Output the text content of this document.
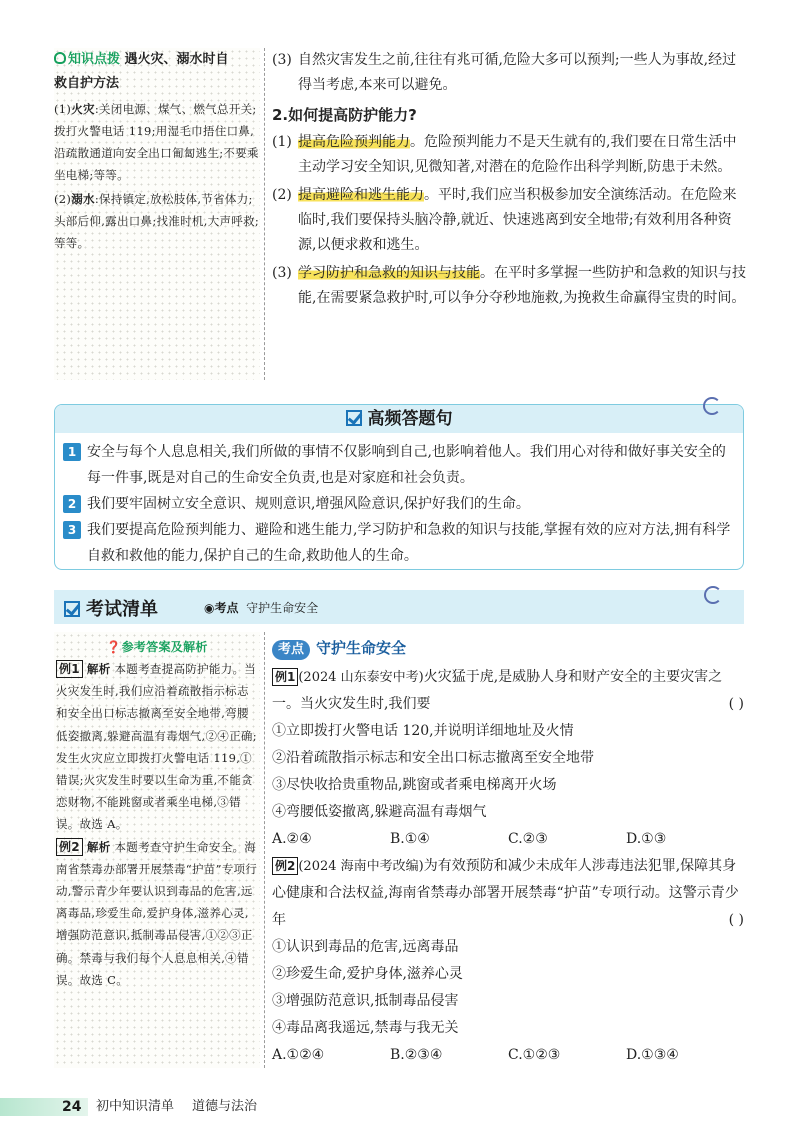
知识点拨 遇火灾、溺水时自
救自护方法
(1)火灾:关闭电源、煤气、燃气总开关;拨打火警电话 119;用湿毛巾捂住口鼻,沿疏散通道向安全出口匍匐逃生;不要乘坐电梯;等等。
(2)溺水:保持镇定,放松肢体,节省体力;头部后仰,露出口鼻;找准时机,大声呼救;等等。
(3) 自然灾害发生之前,往往有兆可循,危险大多可以预判;一些人为事故,经过得当考虑,本来可以避免。
2.如何提高防护能力?
(1) 提高危险预判能力。危险预判能力不是天生就有的,我们要在日常生活中主动学习安全知识,见微知著,对潜在的危险作出科学判断,防患于未然。
(2) 提高避险和逃生能力。平时,我们应当积极参加安全演练活动。在危险来临时,我们要保持头脑冷静,就近、快速逃离到安全地带;有效利用各种资源,以便求救和逃生。
(3) 学习防护和急救的知识与技能。在平时多掌握一些防护和急救的知识与技能,在需要紧急救护时,可以争分夺秒地施救,为挽救生命赢得宝贵的时间。
高频答题句
1 安全与每个人息息相关,我们所做的事情不仅影响到自己,也影响着他人。我们用心对待和做好事关安全的每一件事,既是对自己的生命安全负责,也是对家庭和社会负责。
2 我们要牢固树立安全意识、规则意识,增强风险意识,保护好我们的生命。
3 我们要提高危险预判能力、避险和逃生能力,学习防护和急救的知识与技能,掌握有效的应对方法,拥有科学自救和救他的能力,保护自己的生命,救助他人的生命。
考试清单	◉考点 守护生命安全
❓参考答案及解析
例1 解析 本题考查提高防护能力。当火灾发生时,我们应沿着疏散指示标志和安全出口标志撤离至安全地带,弯腰低姿撤离,躲避高温有毒烟气,②④正确;发生火灾应立即拨打火警电话 119,①错误;火灾发生时要以生命为重,不能贪恋财物,不能跳窗或者乘坐电梯,③错误。故选 A。
例2 解析 本题考查守护生命安全。海南省禁毒办部署开展禁毒“护苗”专项行动,警示青少年要认识到毒品的危害,远离毒品,珍爱生命,爱护身体,滋养心灵,增强防范意识,抵制毒品侵害,①②③正确。禁毒与我们每个人息息相关,④错误。故选 C。
考点 守护生命安全
例1 (2024 山东泰安中考)火灾猛于虎,是威胁人身和财产安全的主要灾害之一。当火灾发生时,我们要	( )
①立即拨打火警电话 120,并说明详细地址及火情
②沿着疏散指示标志和安全出口标志撤离至安全地带
③尽快收拾贵重物品,跳窗或者乘电梯离开火场
④弯腰低姿撤离,躲避高温有毒烟气
A.②④	B.①④	C.②③	D.①③
例2 (2024 海南中考改编)为有效预防和减少未成年人涉毒违法犯罪,保障其身心健康和合法权益,海南省禁毒办部署开展禁毒“护苗”专项行动。这警示青少年	( )
①认识到毒品的危害,远离毒品
②珍爱生命,爱护身体,滋养心灵
③增强防范意识,抵制毒品侵害
④毒品离我遥远,禁毒与我无关
A.①②④	B.②③④	C.①②③	D.①③④
24 初中知识清单 道德与法治
